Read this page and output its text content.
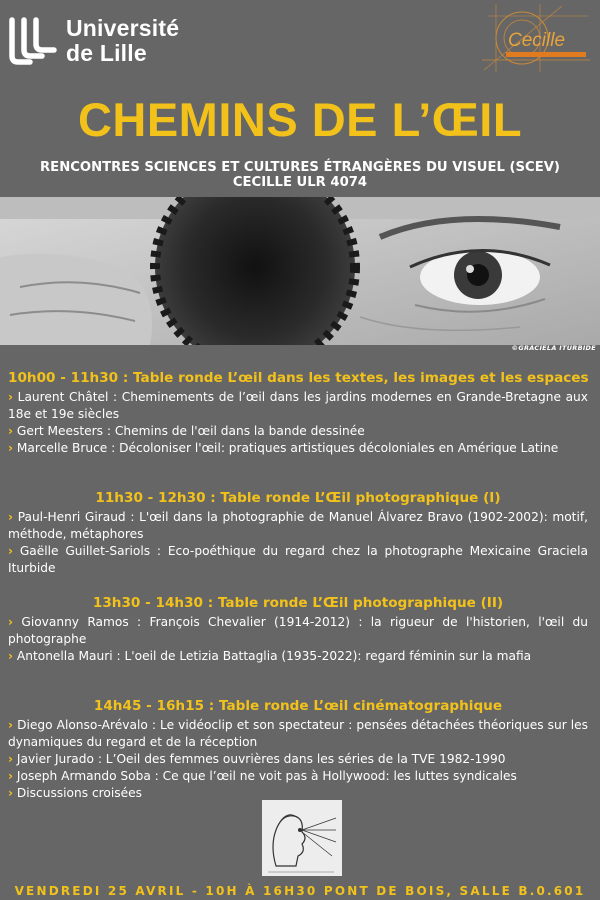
Université
de Lille	Cecille
CHEMINS DE L’ŒIL
RENCONTRES SCIENCES ET CULTURES ÉTRANGÈRES DU VISUEL (SCEV)
CECILLE ULR 4074
©GRACIELA ITURBIDE
10h00 - 11h30 : Table ronde L’œil dans les textes, les images et les espaces

› Laurent Châtel : Cheminements de l’œil dans les jardins modernes en Grande-Bretagne aux 18e et 19e siècles

› Gert Meesters : Chemins de l'œil dans la bande dessinée

› Marcelle Bruce : Décoloniser l'œil: pratiques artistiques décoloniales en Amérique Latine

11h30 - 12h30 : Table ronde L’Œil photographique (I)

› Paul-Henri Giraud : L'œil dans la photographie de Manuel Álvarez Bravo (1902-2002): motif, méthode, métaphores

› Gaëlle Guillet-Sariols : Eco-poéthique du regard chez la photographe Mexicaine Graciela Iturbide

13h30 - 14h30 : Table ronde L’Œil photographique (II)

› Giovanny Ramos : François Chevalier (1914-2012) : la rigueur de l'historien, l'œil du photographe

› Antonella Mauri : L'oeil de Letizia Battaglia (1935-2022): regard féminin sur la mafia

14h45 - 16h15 : Table ronde L’œil cinématographique

› Diego Alonso-Arévalo : Le vidéoclip et son spectateur : pensées détachées théoriques sur les dynamiques du regard et de la réception

› Javier Jurado : L’Oeil des femmes ouvrières dans les séries de la TVE 1982-1990

› Joseph Armando Soba : Ce que l’œil ne voit pas à Hollywood: les luttes syndicales

› Discussions croisées

VENDREDI 25 AVRIL - 10H À 16H30 PONT DE BOIS, SALLE B.0.601
